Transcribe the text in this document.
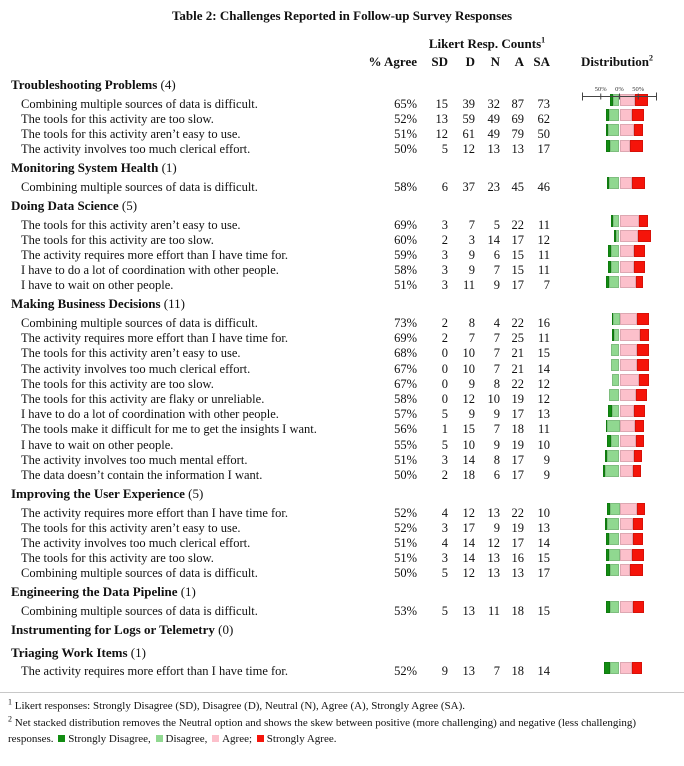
Table 2: Challenges Reported in Follow-up Survey Responses
Likert Resp. Counts$^1$
% Agree	SD	D	N	A SA	Distribution$^2$
Troubleshooting Problems (4)
Combining multiple sources of data is difficult.	65%	15	39	32 87	73
The tools for this activity are too slow.	52%	13	59	49 69	62
The tools for this activity aren’t easy to use.	51%	12	61	49 79	50
The activity involves too much clerical effort.	50%	5	12	13 13	17
Monitoring System Health (1)
Combining multiple sources of data is difficult.	58%	6	37	23 45	46
Doing Data Science (5)
The tools for this activity aren’t easy to use.	69%	3	7	5 22	11
The tools for this activity are too slow.	60%	2	3	14 17	12
The activity requires more effort than I have time for.	59%	3	9	6 15	11
I have to do a lot of coordination with other people.	58%	3	9	7 15	11
I have to wait on other people.	51%	3	11	9 17	7
Making Business Decisions (11)
Combining multiple sources of data is difficult.	73%	2	8	4 22	16
The activity requires more effort than I have time for.	69%	2	7	7 25	11
The tools for this activity aren’t easy to use.	68%	0	10	7 21	15
The activity involves too much clerical effort.	67%	0	10	7 21	14
The tools for this activity are too slow.	67%	0	9	8 22	12
The tools for this activity are flaky or unreliable.	58%	0	12	10 19	12
I have to do a lot of coordination with other people.	57%	5	9	9 17	13
The tools make it difficult for me to get the insights I want.	56%	1	15	7 18	11
I have to wait on other people.	55%	5	10	9 19	10
The activity involves too much mental effort.	51%	3	14	8 17	9
The data doesn’t contain the information I want.	50%	2	18	6 17	9
Improving the User Experience (5)
The activity requires more effort than I have time for.	52%	4	12	13 22	10
The tools for this activity aren’t easy to use.	52%	3	17	9 19	13
The activity involves too much clerical effort.	51%	4	14	12 17	14
The tools for this activity are too slow.	51%	3	14	13 16	15
Combining multiple sources of data is difficult.	50%	5	12	13 13	17
Engineering the Data Pipeline (1)
Combining multiple sources of data is difficult.	53%	5	13	11 18	15
Instrumenting for Logs or Telemetry (0)
Triaging Work Items (1)
The activity requires more effort than I have time for.	52%	9	13	7 18	14
50% 0% 50%

$^1$ Likert responses: Strongly Disagree (SD), Disagree (D), Neutral (N), Agree (A), Strongly Agree (SA).

$^2$ Net stacked distribution removes the Neutral option and shows the skew between positive (more challenging) and negative (less challenging) responses. Strongly Disagree, Disagree, Agree; Strongly Agree.
